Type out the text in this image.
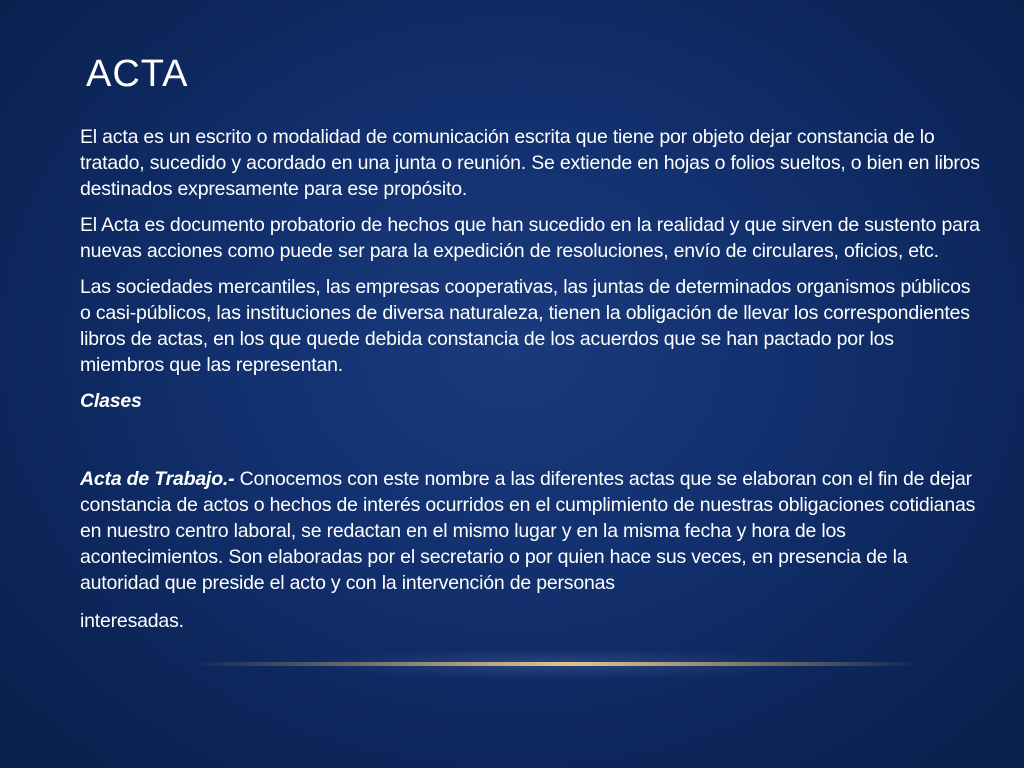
ACTA

El acta es un escrito o modalidad de comunicación escrita que tiene por objeto dejar constancia de lo tratado, sucedido y acordado en una junta o reunión. Se extiende en hojas o folios sueltos, o bien en libros destinados expresamente para ese propósito.

El Acta es documento probatorio de hechos que han sucedido en la realidad y que sirven de sustento para nuevas acciones como puede ser para la expedición de resoluciones, envío de circulares, oficios, etc.

Las sociedades mercantiles, las empresas cooperativas, las juntas de determinados organismos públicos o casi-públicos, las instituciones de diversa naturaleza, tienen la obligación de llevar los correspondientes libros de actas, en los que quede debida constancia de los acuerdos que se han pactado por los miembros que las representan.

Clases

Acta de Trabajo.- Conocemos con este nombre a las diferentes actas que se elaboran con el fin de dejar constancia de actos o hechos de interés ocurridos en el cumplimiento de nuestras obligaciones cotidianas en nuestro centro laboral, se redactan en el mismo lugar y en la misma fecha y hora de los acontecimientos. Son elaboradas por el secretario o por quien hace sus veces, en presencia de la autoridad que preside el acto y con la intervención de personas

interesadas.
